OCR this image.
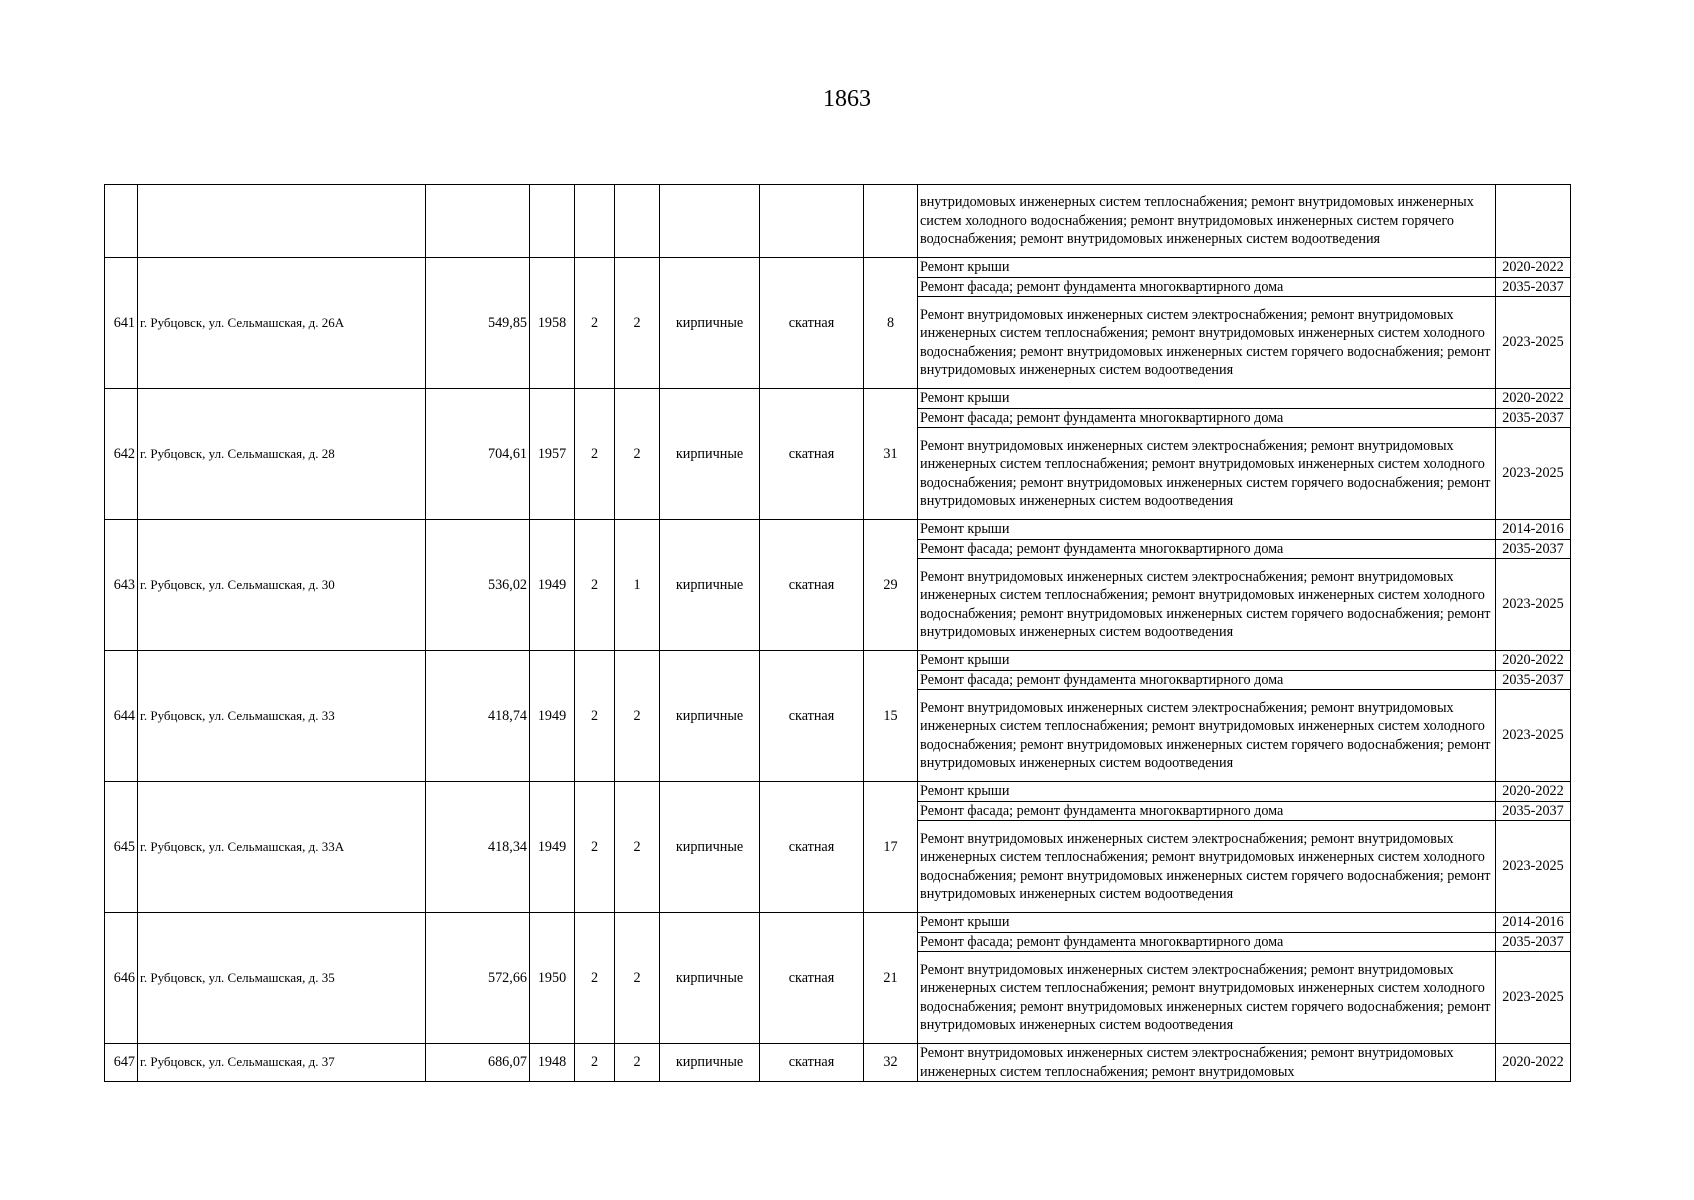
1863
									внутридомовых инженерных систем теплоснабжения; ремонт внутридомовых инженерных систем холодного водоснабжения; ремонт внутридомовых инженерных систем горячего водоснабжения; ремонт внутридомовых инженерных систем водоотведения	
641	г. Рубцовск, ул. Сельмашская, д. 26А	549,85	1958	2	2	кирпичные	скатная	8	Ремонт крыши	2020-2022
									Ремонт фасада; ремонт фундамента многоквартирного дома	2035-2037
									Ремонт внутридомовых инженерных систем электроснабжения; ремонт внутридомовых инженерных систем теплоснабжения; ремонт внутридомовых инженерных систем холодного водоснабжения; ремонт внутридомовых инженерных систем горячего водоснабжения; ремонт внутридомовых инженерных систем водоотведения	2023-2025
642	г. Рубцовск, ул. Сельмашская, д. 28	704,61	1957	2	2	кирпичные	скатная	31	Ремонт крыши	2020-2022
									Ремонт фасада; ремонт фундамента многоквартирного дома	2035-2037
									Ремонт внутридомовых инженерных систем электроснабжения; ремонт внутридомовых инженерных систем теплоснабжения; ремонт внутридомовых инженерных систем холодного водоснабжения; ремонт внутридомовых инженерных систем горячего водоснабжения; ремонт внутридомовых инженерных систем водоотведения	2023-2025
643	г. Рубцовск, ул. Сельмашская, д. 30	536,02	1949	2	1	кирпичные	скатная	29	Ремонт крыши	2014-2016
									Ремонт фасада; ремонт фундамента многоквартирного дома	2035-2037
									Ремонт внутридомовых инженерных систем электроснабжения; ремонт внутридомовых инженерных систем теплоснабжения; ремонт внутридомовых инженерных систем холодного водоснабжения; ремонт внутридомовых инженерных систем горячего водоснабжения; ремонт внутридомовых инженерных систем водоотведения	2023-2025
644	г. Рубцовск, ул. Сельмашская, д. 33	418,74	1949	2	2	кирпичные	скатная	15	Ремонт крыши	2020-2022
									Ремонт фасада; ремонт фундамента многоквартирного дома	2035-2037
									Ремонт внутридомовых инженерных систем электроснабжения; ремонт внутридомовых инженерных систем теплоснабжения; ремонт внутридомовых инженерных систем холодного водоснабжения; ремонт внутридомовых инженерных систем горячего водоснабжения; ремонт внутридомовых инженерных систем водоотведения	2023-2025
645	г. Рубцовск, ул. Сельмашская, д. 33А	418,34	1949	2	2	кирпичные	скатная	17	Ремонт крыши	2020-2022
									Ремонт фасада; ремонт фундамента многоквартирного дома	2035-2037
									Ремонт внутридомовых инженерных систем электроснабжения; ремонт внутридомовых инженерных систем теплоснабжения; ремонт внутридомовых инженерных систем холодного водоснабжения; ремонт внутридомовых инженерных систем горячего водоснабжения; ремонт внутридомовых инженерных систем водоотведения	2023-2025
646	г. Рубцовск, ул. Сельмашская, д. 35	572,66	1950	2	2	кирпичные	скатная	21	Ремонт крыши	2014-2016
									Ремонт фасада; ремонт фундамента многоквартирного дома	2035-2037
									Ремонт внутридомовых инженерных систем электроснабжения; ремонт внутридомовых инженерных систем теплоснабжения; ремонт внутридомовых инженерных систем холодного водоснабжения; ремонт внутридомовых инженерных систем горячего водоснабжения; ремонт внутридомовых инженерных систем водоотведения	2023-2025
647	г. Рубцовск, ул. Сельмашская, д. 37	686,07	1948	2	2	кирпичные	скатная	32	Ремонт внутридомовых инженерных систем электроснабжения; ремонт внутридомовых инженерных систем теплоснабжения; ремонт внутридомовых	2020-2022
